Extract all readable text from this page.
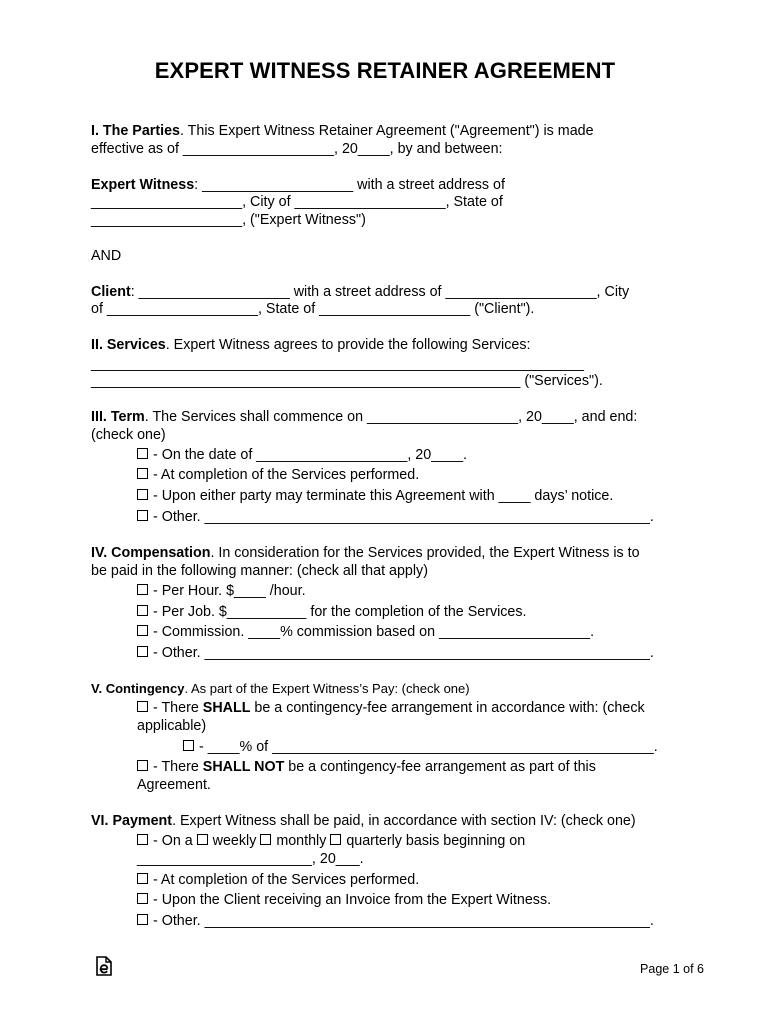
EXPERT WITNESS RETAINER AGREEMENT
I. The Parties. This Expert Witness Retainer Agreement ("Agreement") is made
effective as of ___________________, 20____, by and between:
Expert Witness: ___________________ with a street address of
___________________, City of ___________________, State of
___________________, ("Expert Witness")
AND
Client: ___________________ with a street address of ___________________, City
of ___________________, State of ___________________ ("Client").
II. Services. Expert Witness agrees to provide the following Services:
______________________________________________________________
______________________________________________________ ("Services").
III. Term. The Services shall commence on ___________________, 20____, and end:
(check one)
- On the date of ___________________, 20____.
- At completion of the Services performed.
- Upon either party may terminate this Agreement with ____ days’ notice.
- Other. ________________________________________________________.
IV. Compensation. In consideration for the Services provided, the Expert Witness is to
be paid in the following manner: (check all that apply)
- Per Hour. $____ /hour.
- Per Job. $__________ for the completion of the Services.
- Commission. ____% commission based on ___________________.
- Other. ________________________________________________________.
V. Contingency. As part of the Expert Witness’s Pay: (check one)
- There SHALL be a contingency-fee arrangement in accordance with: (check
applicable)
- ____% of ________________________________________________.
- There SHALL NOT be a contingency-fee arrangement as part of this
Agreement.
VI. Payment. Expert Witness shall be paid, in accordance with section IV: (check one)
- On a  weekly  monthly  quarterly basis beginning on
______________________, 20___.
- At completion of the Services performed.
- Upon the Client receiving an Invoice from the Expert Witness.
- Other. ________________________________________________________.
Page 1 of 6
